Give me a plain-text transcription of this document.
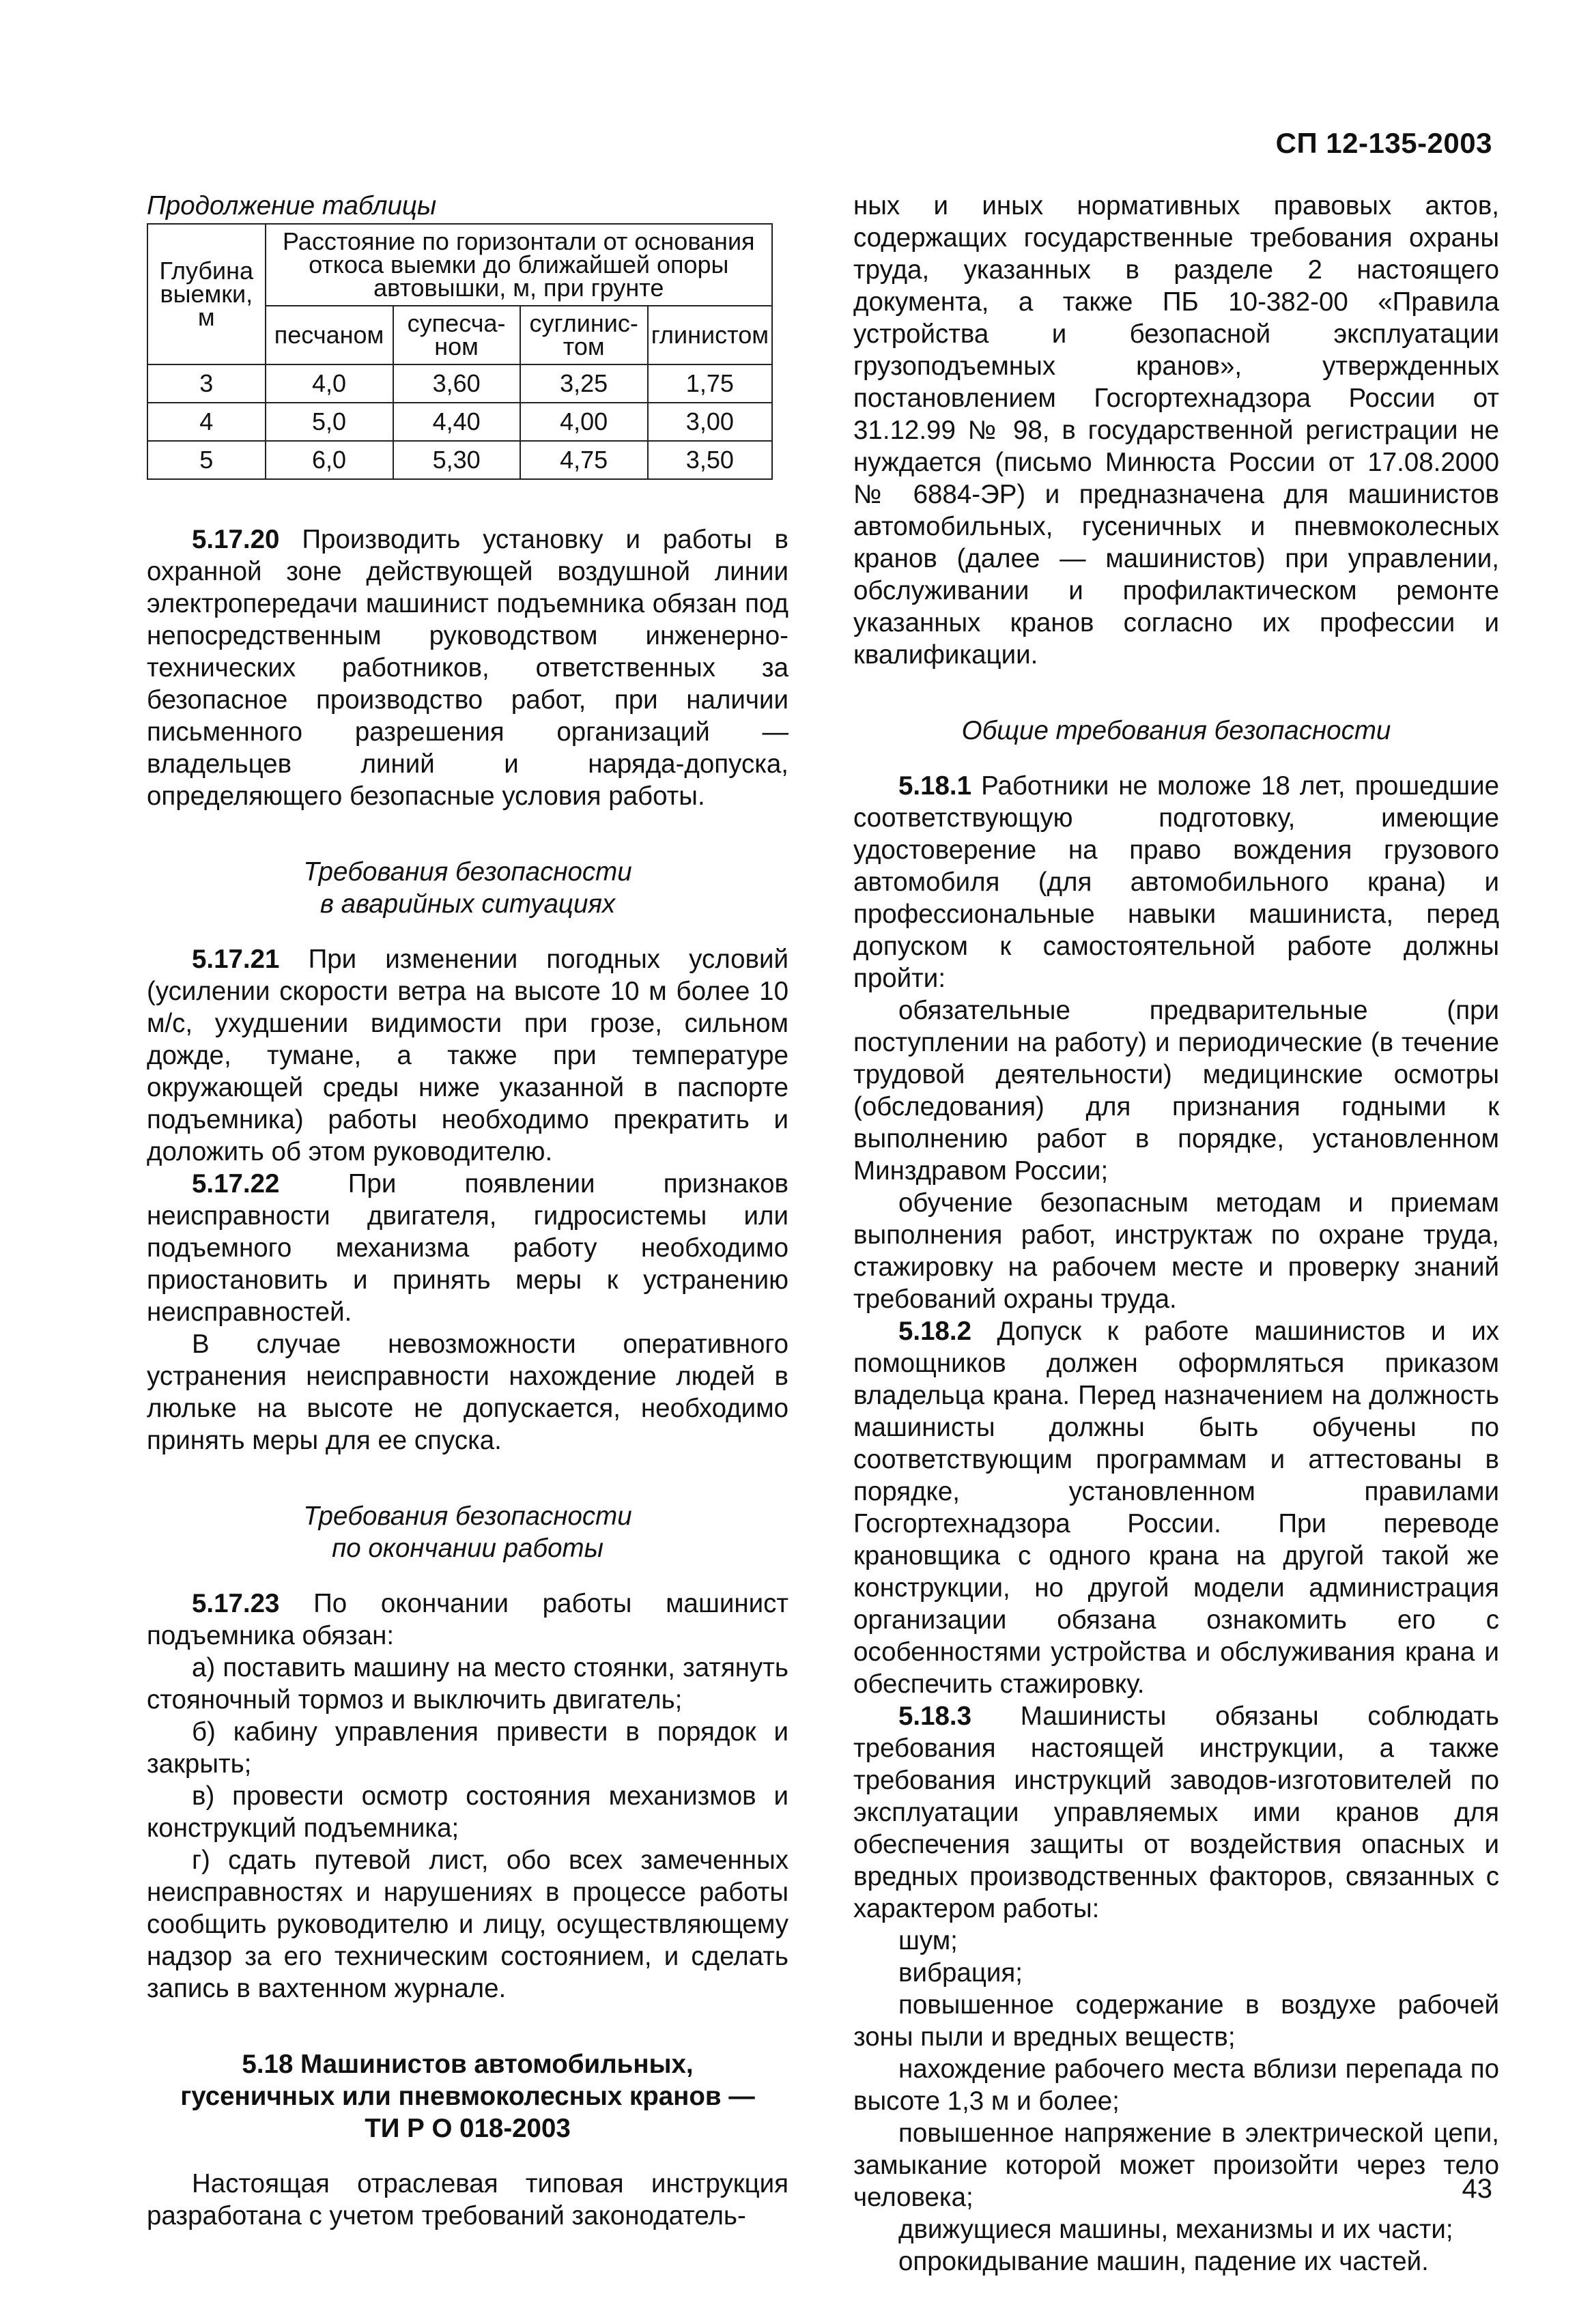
СП 12-135-2003

Продолжение таблицы

Глубина выемки, м	Расстояние по горизонтали от основания откоса выемки до ближайшей опоры автовышки, м, при грунте			
	песчаном	супесча-ном	суглинис-том	глинистом
3	4,0	3,60	3,25	1,75
4	5,0	4,40	4,00	3,00
5	6,0	5,30	4,75	3,50

5.17.20 Производить установку и работы в охранной зоне действующей воздушной линии электропередачи машинист подъемника обязан под непосредственным руководством инженерно-технических работников, ответственных за безопасное производство работ, при наличии письменного разрешения организаций — владельцев линий и наряда-допуска, определяющего безопасные условия работы.

Требования безопасности

в аварийных ситуациях

5.17.21 При изменении погодных условий (усилении скорости ветра на высоте 10 м более 10 м/с, ухудшении видимости при грозе, сильном дожде, тумане, а также при температуре окружающей среды ниже указанной в паспорте подъемника) работы необходимо прекратить и доложить об этом руководителю.

5.17.22 При появлении признаков неисправности двигателя, гидросистемы или подъемного механизма работу необходимо приостановить и принять меры к устранению неисправностей.

В случае невозможности оперативного устранения неисправности нахождение людей в люльке на высоте не допускается, необходимо принять меры для ее спуска.

Требования безопасности

по окончании работы

5.17.23 По окончании работы машинист подъемника обязан:

а) поставить машину на место стоянки, затянуть стояночный тормоз и выключить двигатель;

б) кабину управления привести в порядок и закрыть;

в) провести осмотр состояния механизмов и конструкций подъемника;

г) сдать путевой лист, обо всех замеченных неисправностях и нарушениях в процессе работы сообщить руководителю и лицу, осуществляющему надзор за его техническим состоянием, и сделать запись в вахтенном журнале.

5.18 Машинистов автомобильных,

гусеничных или пневмоколесных кранов —

ТИ Р О 018-2003

Настоящая отраслевая типовая инструкция разработана с учетом требований законодатель-

ных и иных нормативных правовых актов, содержащих государственные требования охраны труда, указанных в разделе 2 настоящего документа, а также ПБ 10-382-00 «Правила устройства и безопасной эксплуатации грузоподъемных кранов», утвержденных постановлением Госгортехнадзора России от 31.12.99 № 98, в государственной регистрации не нуждается (письмо Минюста России от 17.08.2000 № 6884-ЭР) и предназначена для машинистов автомобильных, гусеничных и пневмоколесных кранов (далее — машинистов) при управлении, обслуживании и профилактическом ремонте указанных кранов согласно их профессии и квалификации.

Общие требования безопасности

5.18.1 Работники не моложе 18 лет, прошедшие соответствующую подготовку, имеющие удостоверение на право вождения грузового автомобиля (для автомобильного крана) и профессиональные навыки машиниста, перед допуском к самостоятельной работе должны пройти:

обязательные предварительные (при поступлении на работу) и периодические (в течение трудовой деятельности) медицинские осмотры (обследования) для признания годными к выполнению работ в порядке, установленном Минздравом России;

обучение безопасным методам и приемам выполнения работ, инструктаж по охране труда, стажировку на рабочем месте и проверку знаний требований охраны труда.

5.18.2 Допуск к работе машинистов и их помощников должен оформляться приказом владельца крана. Перед назначением на должность машинисты должны быть обучены по соответствующим программам и аттестованы в порядке, установленном правилами Госгортехнадзора России. При переводе крановщика с одного крана на другой такой же конструкции, но другой модели администрация организации обязана ознакомить его с особенностями устройства и обслуживания крана и обеспечить стажировку.

5.18.3 Машинисты обязаны соблюдать требования настоящей инструкции, а также требования инструкций заводов-изготовителей по эксплуатации управляемых ими кранов для обеспечения защиты от воздействия опасных и вредных производственных факторов, связанных с характером работы:

шум;

вибрация;

повышенное содержание в воздухе рабочей зоны пыли и вредных веществ;

нахождение рабочего места вблизи перепада по высоте 1,3 м и более;

повышенное напряжение в электрической цепи, замыкание которой может произойти через тело человека;

движущиеся машины, механизмы и их части;

опрокидывание машин, падение их частей.

43
